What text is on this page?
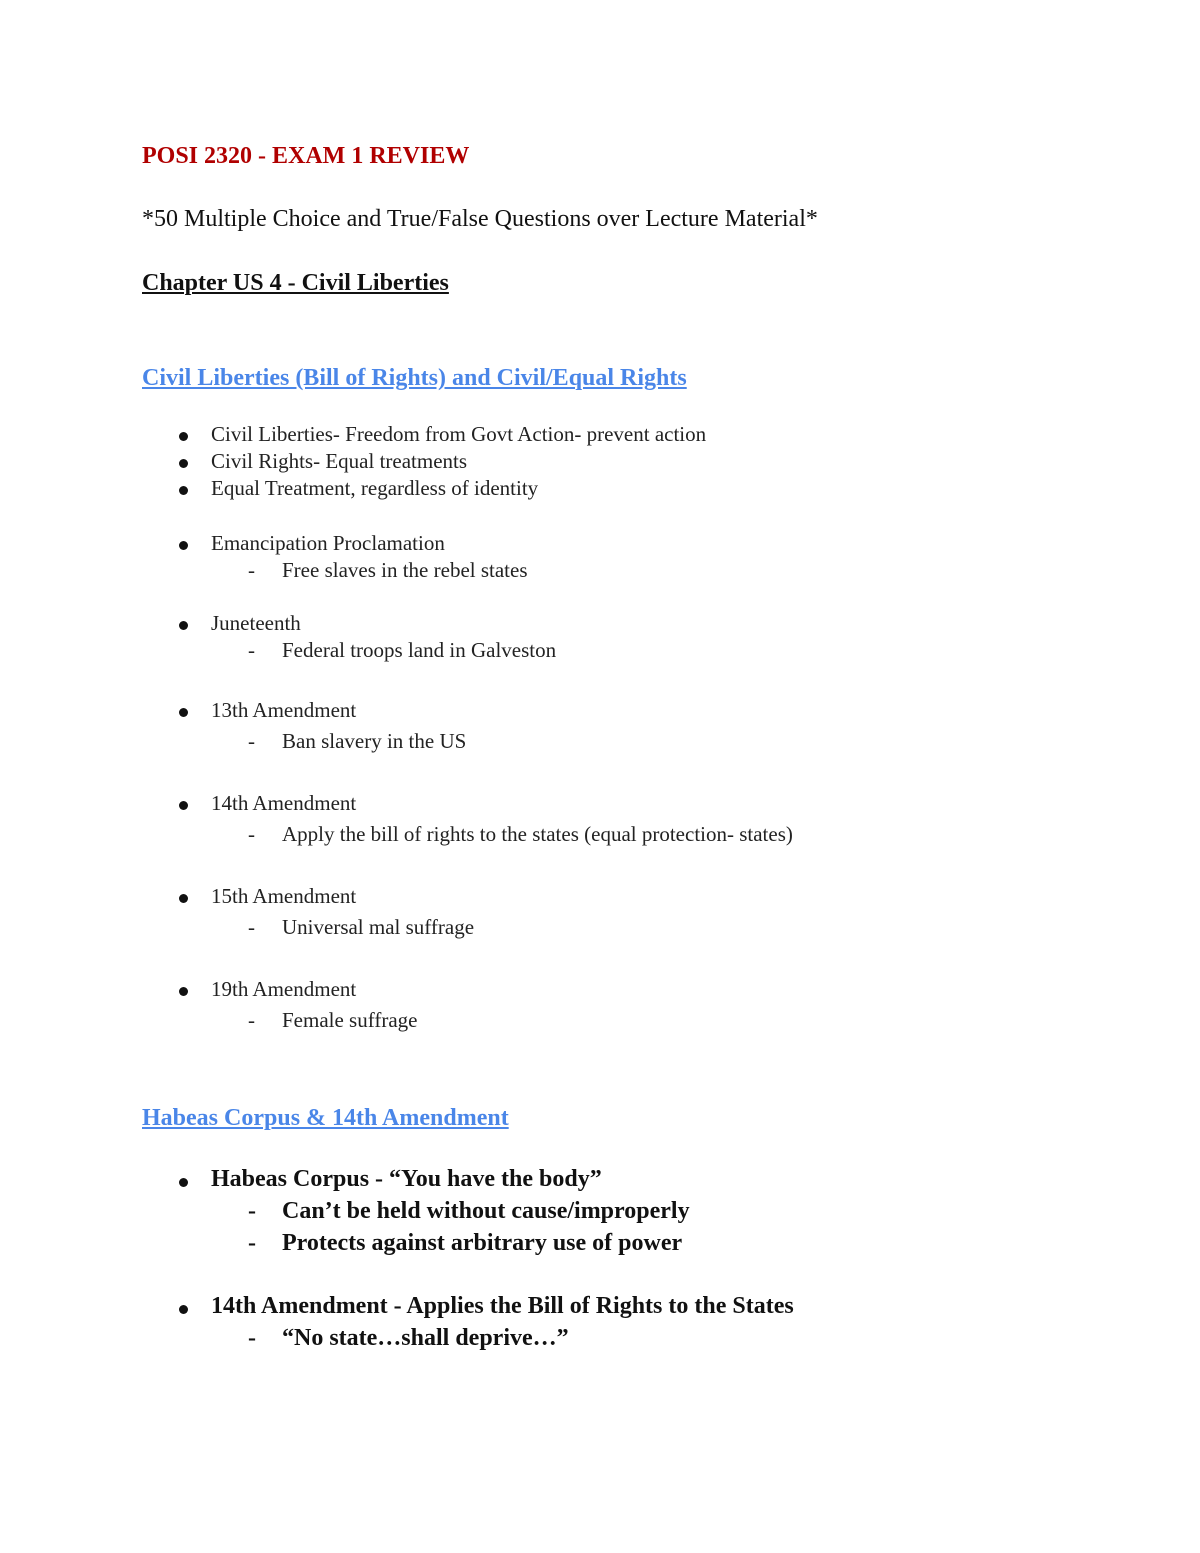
POSI 2320 - EXAM 1 REVIEW
*50 Multiple Choice and True/False Questions over Lecture Material*
Chapter US 4 - Civil Liberties
Civil Liberties (Bill of Rights) and Civil/Equal Rights
Civil Liberties- Freedom from Govt Action- prevent action
Civil Rights- Equal treatments
Equal Treatment, regardless of identity
Emancipation Proclamation
- Free slaves in the rebel states
Juneteenth
- Federal troops land in Galveston
13th Amendment
- Ban slavery in the US
14th Amendment
- Apply the bill of rights to the states (equal protection- states)
15th Amendment
- Universal mal suffrage
19th Amendment
- Female suffrage
Habeas Corpus & 14th Amendment
Habeas Corpus - “You have the body”
- Can’t be held without cause/improperly
- Protects against arbitrary use of power
14th Amendment - Applies the Bill of Rights to the States
- “No state…shall deprive…”
